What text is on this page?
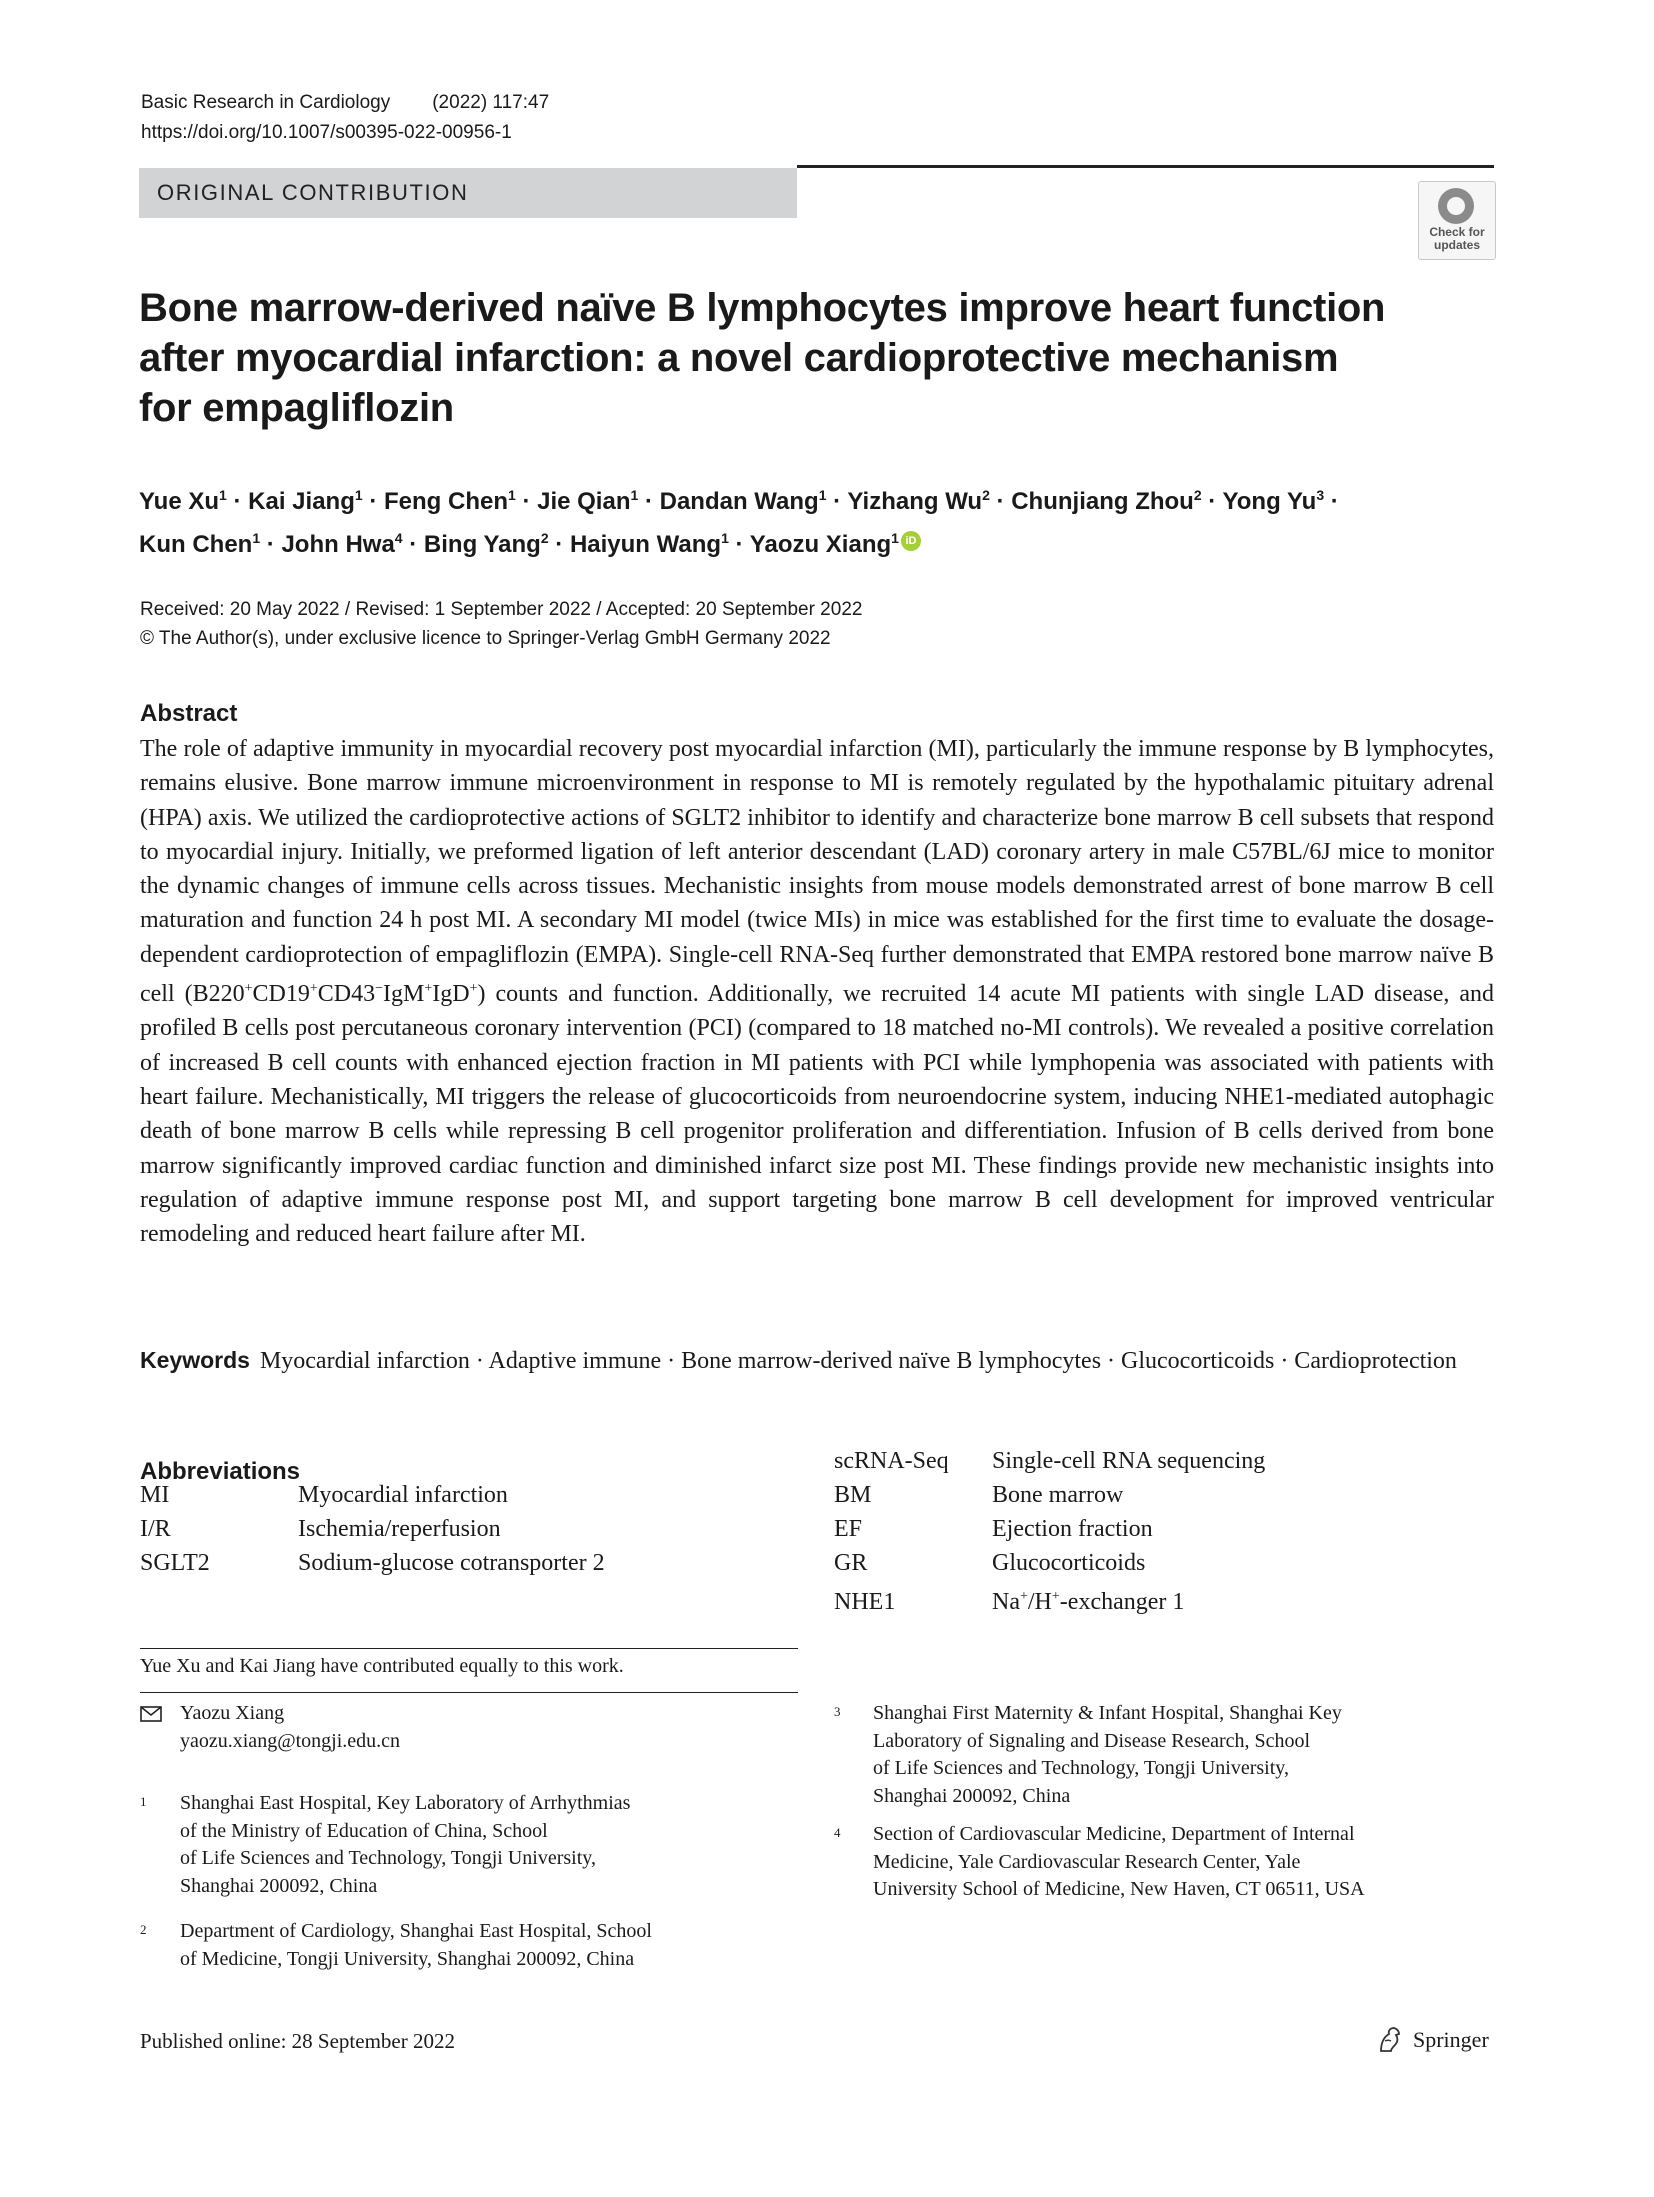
Basic Research in Cardiology (2022) 117:47
https://doi.org/10.1007/s00395-022-00956-1
ORIGINAL CONTRIBUTION
Check for
updates
Bone marrow-derived naïve B lymphocytes improve heart function
after myocardial infarction: a novel cardioprotective mechanism
for empagliflozin
Yue $Xu^1$ · Kai Jiang$^1$ · Feng Chen$^1$ · Jie Qian$^1$ · Dandan Wang$^1$ · Yizhang $Wu^2$ · Chunjiang Zhou$^2$ · Yong $Yu^3$ ·
Kun Chen$^1$ · John Hwa$^4$ · Bing Yang$^2$ · Haiyun Wang$^1$ · Yaozu Xiang$^1$ iD
Received: 20 May 2022 / Revised: 1 September 2022 / Accepted: 20 September 2022
© The Author(s), under exclusive licence to Springer-Verlag GmbH Germany 2022
Abstract
The role of adaptive immunity in myocardial recovery post myocardial infarction (MI), particularly the immune response by B lymphocytes, remains elusive. Bone marrow immune microenvironment in response to MI is remotely regulated by the hypothalamic pituitary adrenal (HPA) axis. We utilized the cardioprotective actions of SGLT2 inhibitor to identify and characterize bone marrow B cell subsets that respond to myocardial injury. Initially, we preformed ligation of left anterior descendant (LAD) coronary artery in male C57BL/6J mice to monitor the dynamic changes of immune cells across tissues. Mechanistic insights from mouse models demonstrated arrest of bone marrow B cell maturation and function 24 h post MI. A secondary MI model (twice MIs) in mice was established for the first time to evaluate the dosage-dependent cardioprotection of empagliflozin (EMPA). Single-cell RNA-Seq further demonstrated that EMPA restored bone marrow naïve B cell (B220+CD19+CD43−IgM+IgD+) counts and function. Additionally, we recruited 14 acute MI patients with single LAD disease, and profiled B cells post percutaneous coronary intervention (PCI) (compared to 18 matched no-MI controls). We revealed a positive correlation of increased B cell counts with enhanced ejection fraction in MI patients with PCI while lymphopenia was associated with patients with heart failure. Mechanistically, MI triggers the release of glucocorticoids from neuroendocrine system, inducing NHE1-mediated autophagic death of bone marrow B cells while repressing B cell progenitor proliferation and differentiation. Infusion of B cells derived from bone marrow significantly improved cardiac function and diminished infarct size post MI. These findings provide new mechanistic insights into regulation of adaptive immune response post MI, and support targeting bone marrow B cell development for improved ventricular remodeling and reduced heart failure after MI.
Keywords Myocardial infarction · Adaptive immune · Bone marrow-derived naïve B lymphocytes · Glucocorticoids · Cardioprotection
Abbreviations
MI	Myocardial infarction
I/R	Ischemia/reperfusion
SGLT2	Sodium-glucose cotransporter 2
scRNA-Seq Single-cell RNA sequencing
BM	Bone marrow
EF	Ejection fraction
GR	Glucocorticoids
NHE1	Na+/H+-exchanger 1
Yue Xu and Kai Jiang have contributed equally to this work.
Yaozu Xiang
yaozu.xiang@tongji.edu.cn
1 Shanghai East Hospital, Key Laboratory of Arrhythmias
of the Ministry of Education of China, School
of Life Sciences and Technology, Tongji University,
Shanghai 200092, China
2 Department of Cardiology, Shanghai East Hospital, School
of Medicine, Tongji University, Shanghai 200092, China
3 Shanghai First Maternity & Infant Hospital, Shanghai Key
Laboratory of Signaling and Disease Research, School
of Life Sciences and Technology, Tongji University,
Shanghai 200092, China
4 Section of Cardiovascular Medicine, Department of Internal
Medicine, Yale Cardiovascular Research Center, Yale
University School of Medicine, New Haven, CT 06511, USA
Published online: 28 September 2022	Springer
